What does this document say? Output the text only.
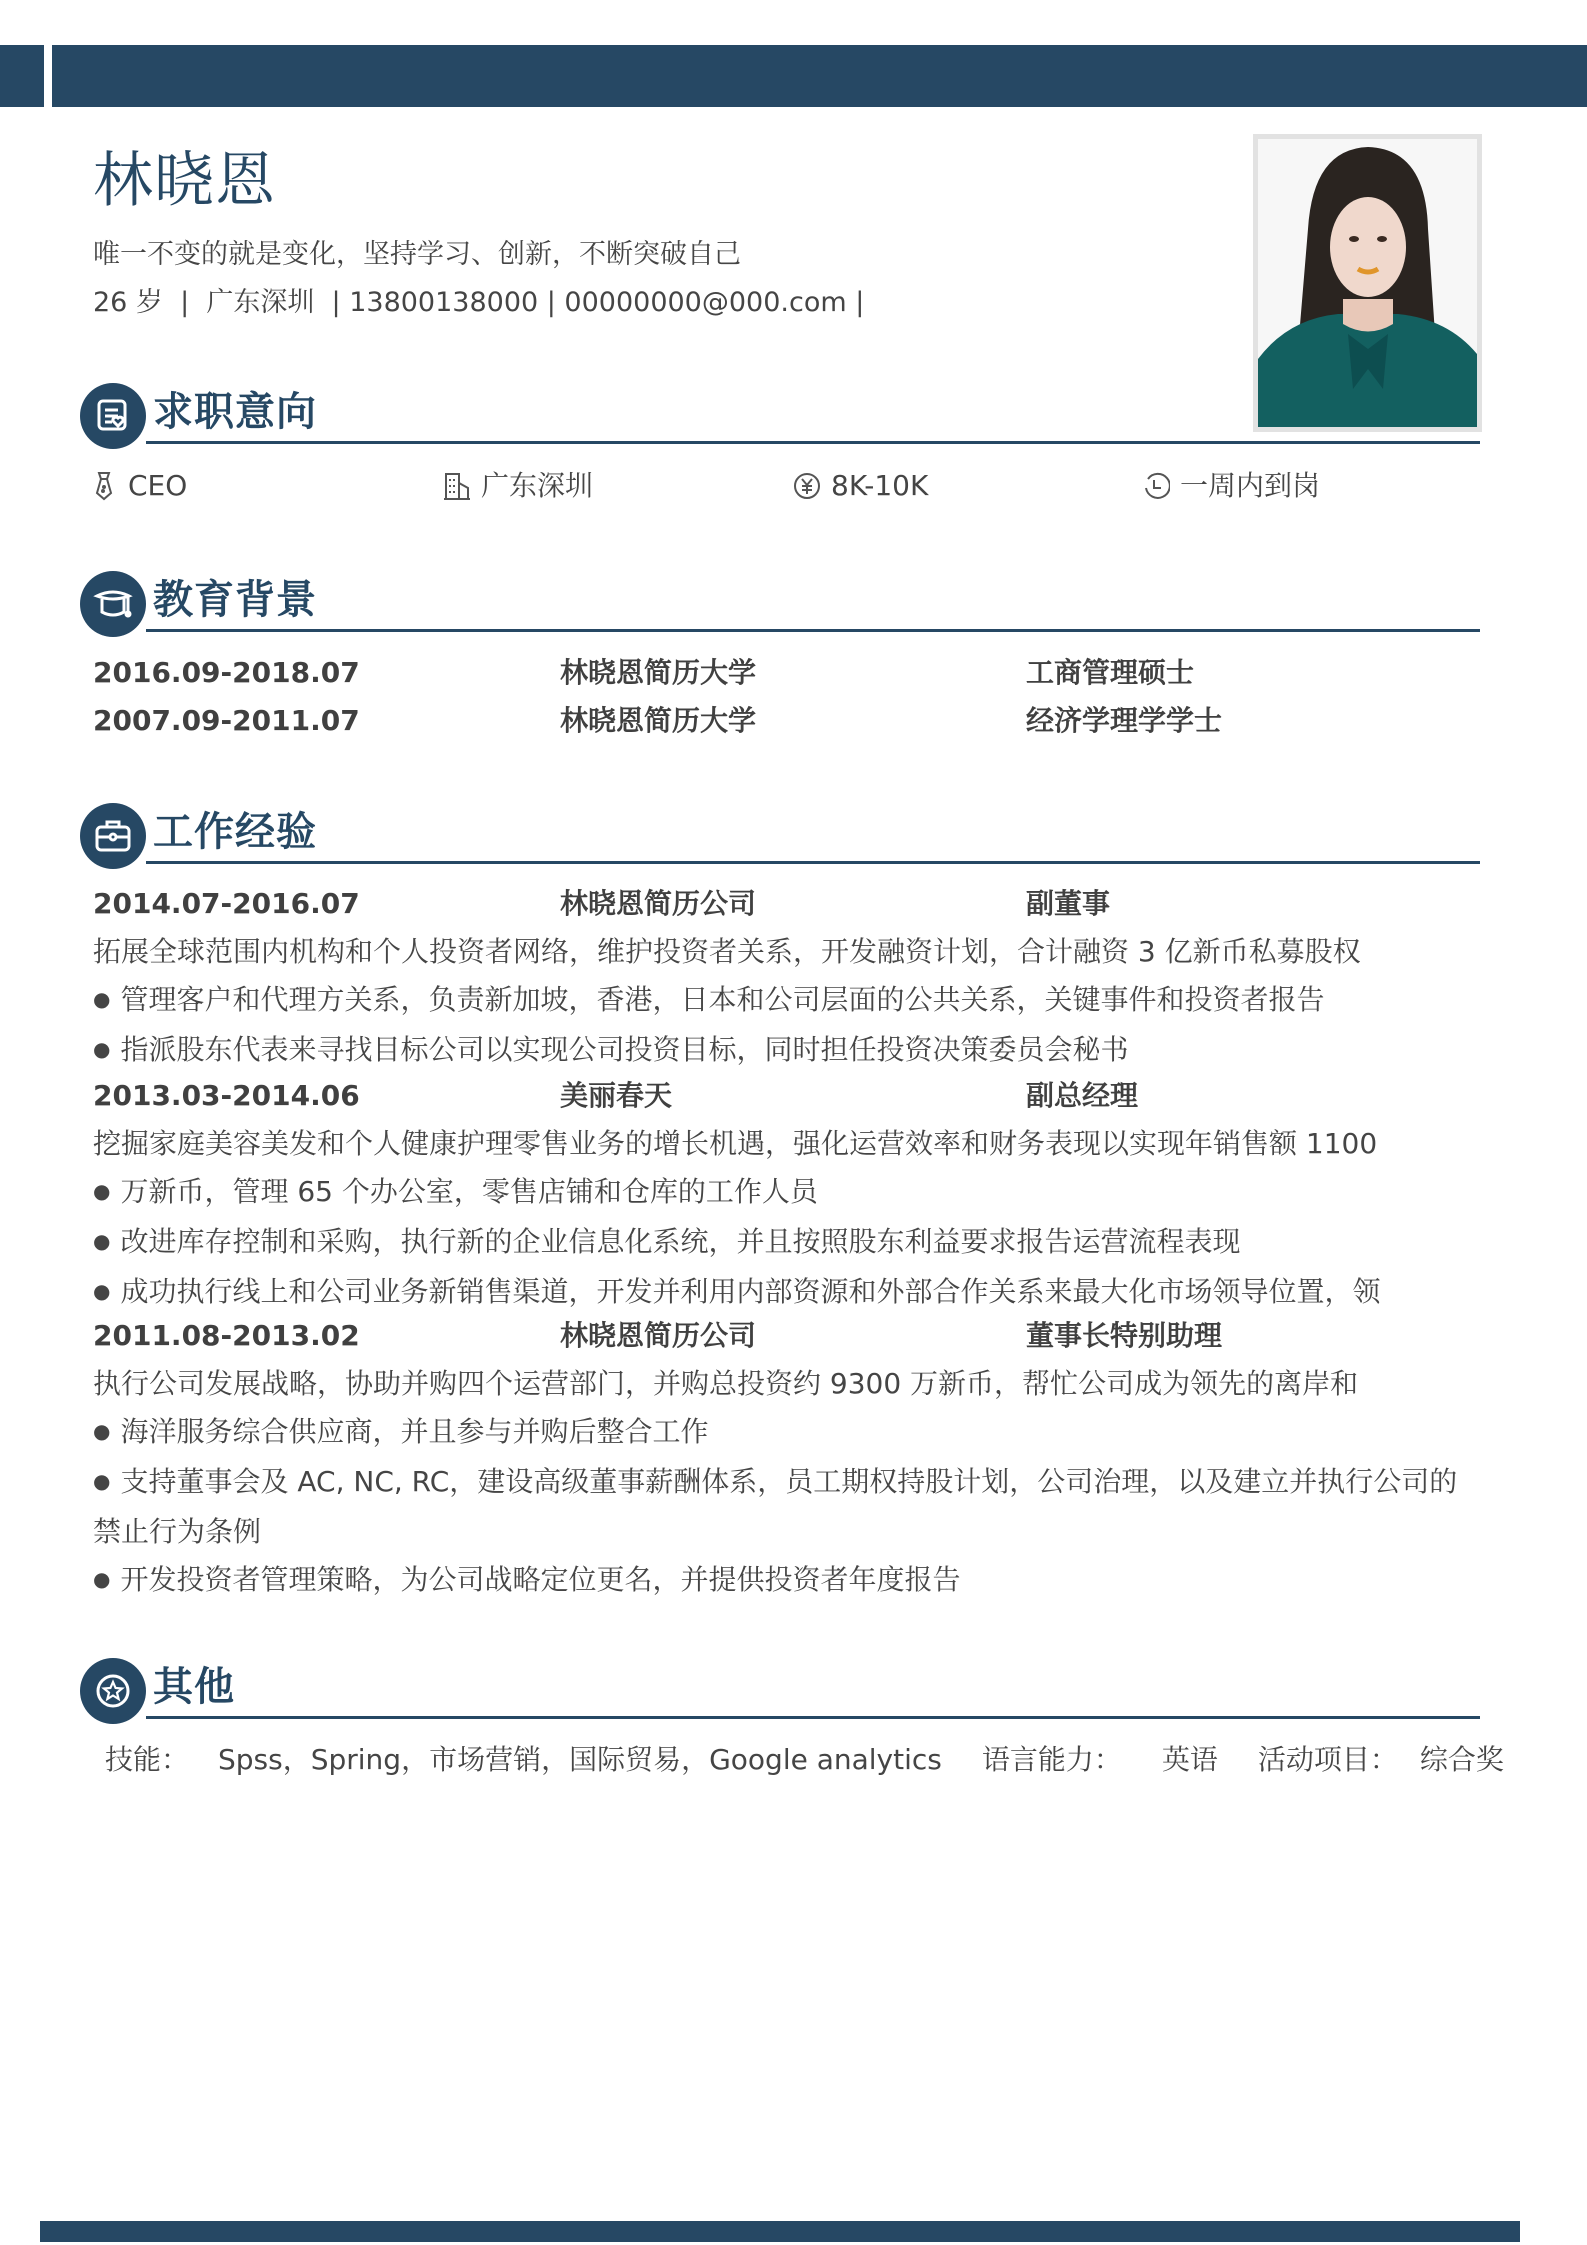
林晓恩
唯一不变的就是变化，坚持学习、创新，不断突破自己
26 岁  |  广东深圳  | 13800138000 | 00000000@000.com |
求职意向
CEO	广东深圳	8K-10K	一周内到岗
教育背景
2016.09-2018.07	林晓恩简历大学	工商管理硕士
2007.09-2011.07	林晓恩简历大学	经济学理学学士
工作经验
2014.07-2016.07	林晓恩简历公司	副董事
拓展全球范围内机构和个人投资者网络，维护投资者关系，开发融资计划，合计融资 3 亿新币私募股权
● 管理客户和代理方关系，负责新加坡，香港，日本和公司层面的公共关系，关键事件和投资者报告
● 指派股东代表来寻找目标公司以实现公司投资目标，同时担任投资决策委员会秘书
2013.03-2014.06	美丽春天	副总经理
挖掘家庭美容美发和个人健康护理零售业务的增长机遇，强化运营效率和财务表现以实现年销售额 1100
● 万新币，管理 65 个办公室，零售店铺和仓库的工作人员
● 改进库存控制和采购，执行新的企业信息化系统，并且按照股东利益要求报告运营流程表现
● 成功执行线上和公司业务新销售渠道，开发并利用内部资源和外部合作关系来最大化市场领导位置，领
2011.08-2013.02	林晓恩简历公司	董事长特别助理
执行公司发展战略，协助并购四个运营部门，并购总投资约 9300 万新币，帮忙公司成为领先的离岸和
● 海洋服务综合供应商，并且参与并购后整合工作
● 支持董事会及 AC, NC, RC，建设高级董事薪酬体系，员工期权持股计划，公司治理，以及建立并执行公司的
禁止行为条例
● 开发投资者管理策略，为公司战略定位更名，并提供投资者年度报告
其他
技能：	Spss，Spring，市场营销，国际贸易，Google analytics 语言能力： 英语 活动项目： 综合奖
